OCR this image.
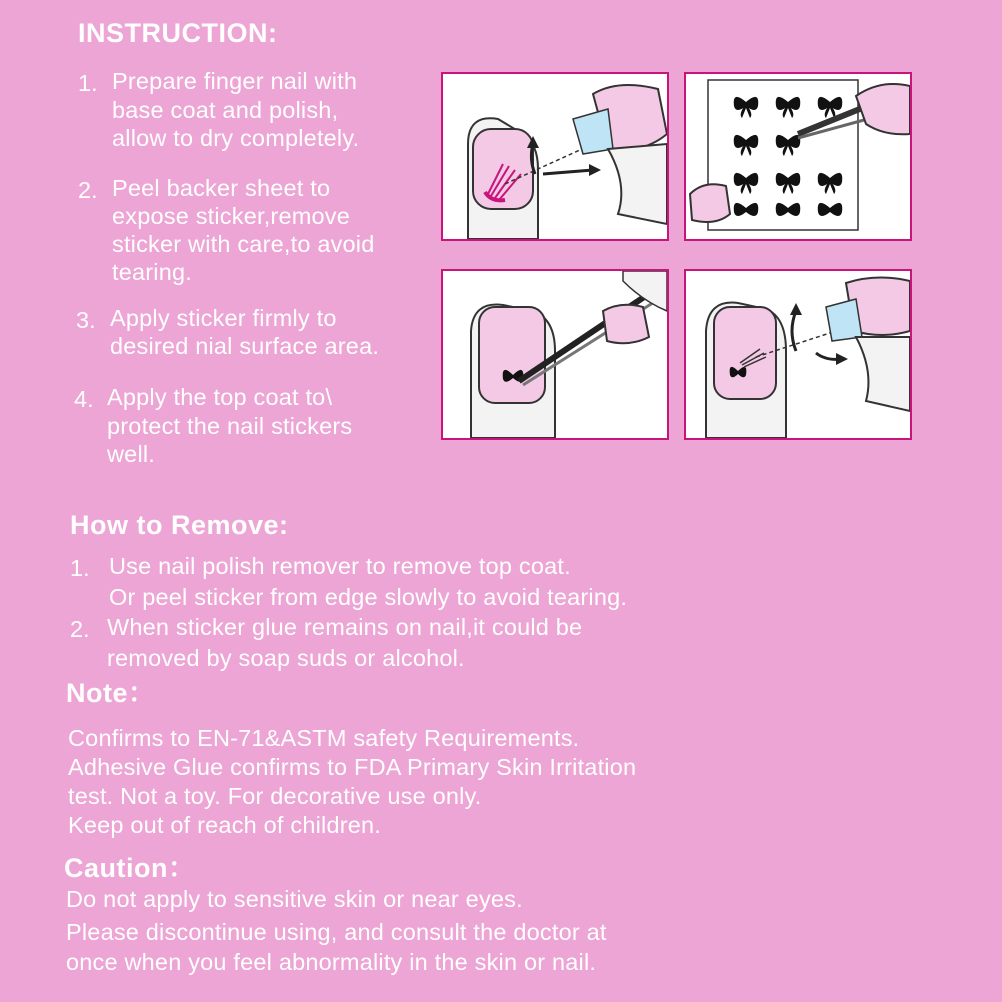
INSTRUCTION:
1. Prepare finger nail with
base coat and polish,
allow to dry completely.
2. Peel backer sheet to
expose sticker,remove
sticker with care,to avoid
tearing.
3. Apply sticker firmly to
desired nial surface area.
4. Apply the top coat to\
protect the nail stickers
well.
How to Remove:
1. Use nail polish remover to remove top coat.
Or peel sticker from edge slowly to avoid tearing.
2. When sticker glue remains on nail,it could be
removed by soap suds or alcohol.
Note：
Confirms to EN-71&ASTM safety Requirements.
Adhesive Glue confirms to FDA Primary Skin Irritation
test. Not a toy. For decorative use only.
Keep out of reach of children.
Caution：
Do not apply to sensitive skin or near eyes.
Please discontinue using, and consult the doctor at
once when you feel abnormality in the skin or nail.
